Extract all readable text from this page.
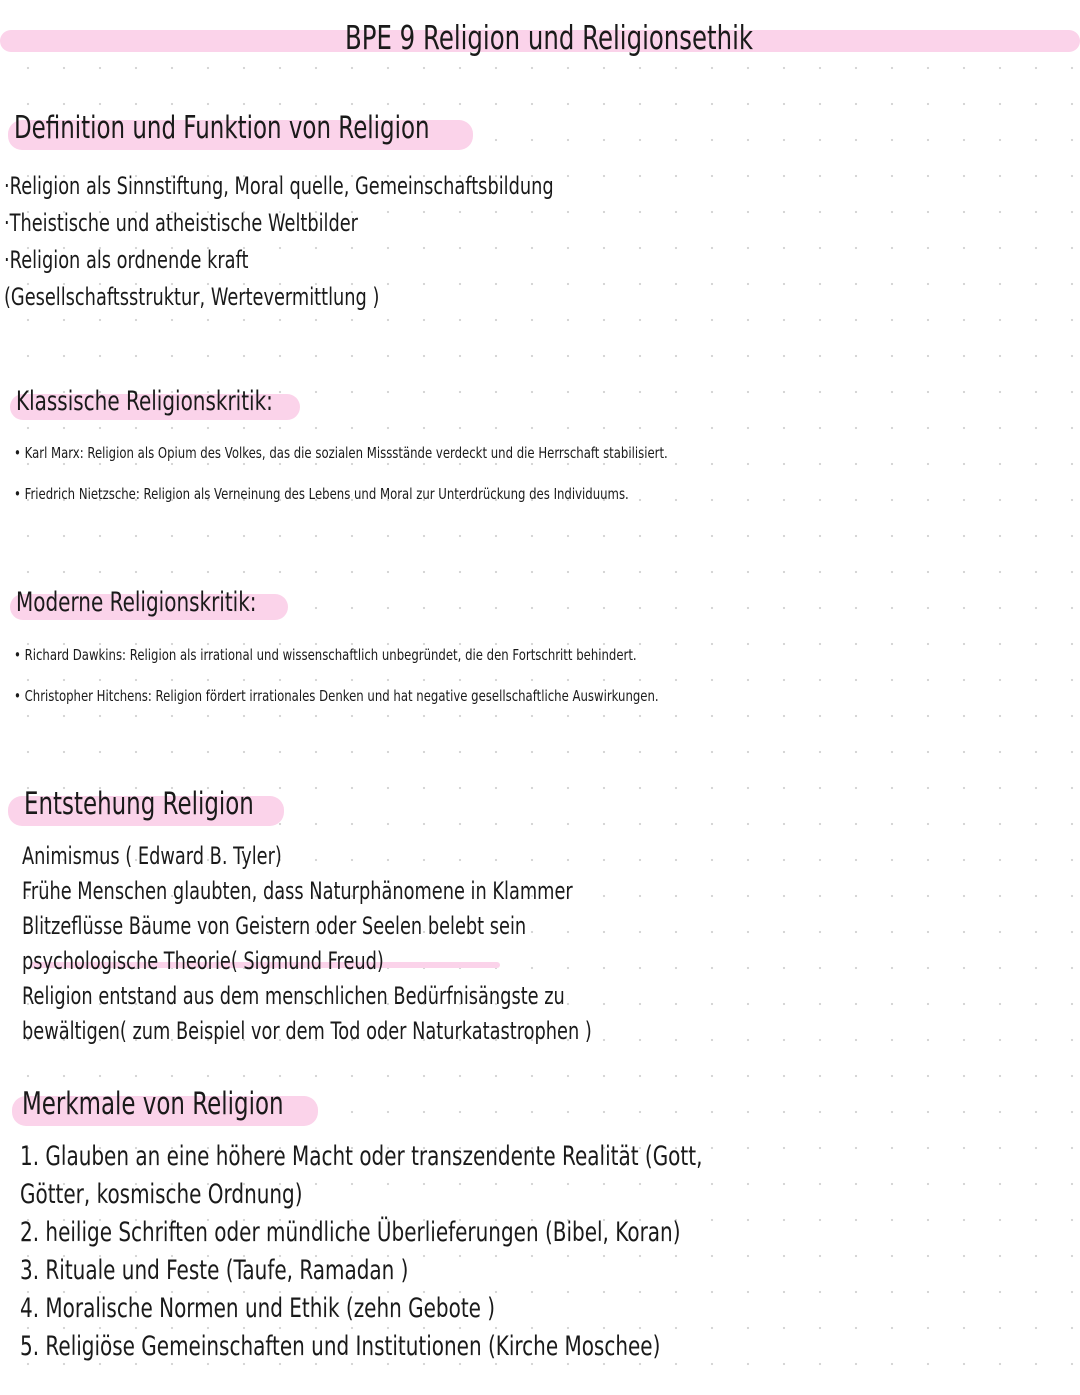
BPE 9 Religion und Religionsethik
Definition und Funktion von Religion
·Religion als Sinnstiftung, Moral quelle, Gemeinschaftsbildung
·Theistische und atheistische Weltbilder
·Religion als ordnende kraft
(Gesellschaftsstruktur, Wertevermittlung )
Klassische Religionskritik:
• Karl Marx: Religion als Opium des Volkes, das die sozialen Missstände verdeckt und die Herrschaft stabilisiert.
• Friedrich Nietzsche: Religion als Verneinung des Lebens und Moral zur Unterdrückung des Individuums.
Moderne Religionskritik:
• Richard Dawkins: Religion als irrational und wissenschaftlich unbegründet, die den Fortschritt behindert.
• Christopher Hitchens: Religion fördert irrationales Denken und hat negative gesellschaftliche Auswirkungen.
Entstehung Religion
Animismus ( Edward B. Tyler)
Frühe Menschen glaubten, dass Naturphänomene in Klammer
Blitzeflüsse Bäume von Geistern oder Seelen belebt sein
psychologische Theorie( Sigmund Freud)
Religion entstand aus dem menschlichen Bedürfnisängste zu
bewältigen( zum Beispiel vor dem Tod oder Naturkatastrophen )
Merkmale von Religion
1. Glauben an eine höhere Macht oder transzendente Realität (Gott,
Götter, kosmische Ordnung)
2. heilige Schriften oder mündliche Überlieferungen (Bibel, Koran)
3. Rituale und Feste (Taufe, Ramadan )
4. Moralische Normen und Ethik (zehn Gebote )
5. Religiöse Gemeinschaften und Institutionen (Kirche Moschee)
